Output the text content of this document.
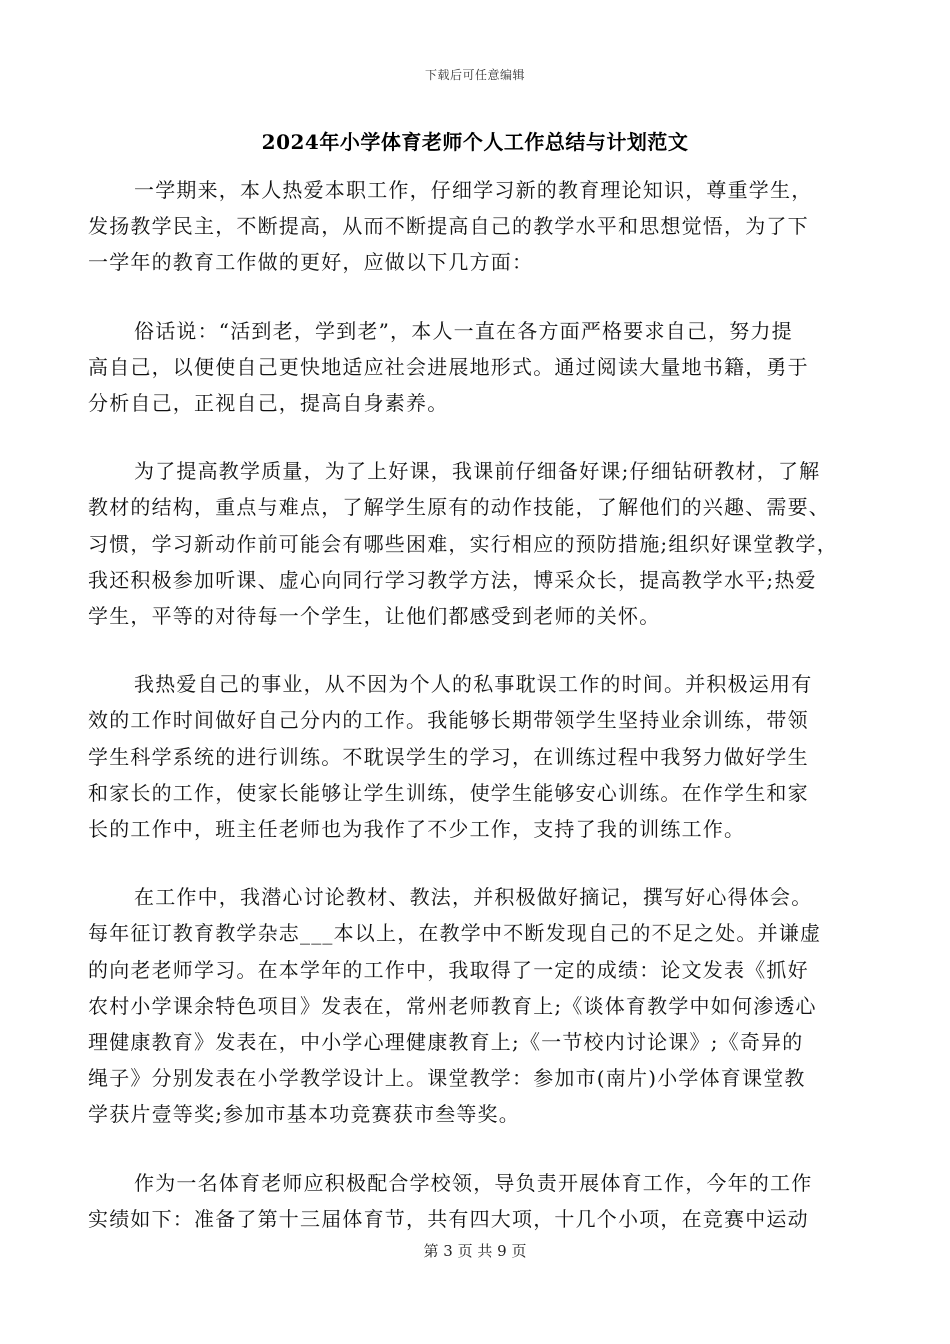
下载后可任意编辑
2024年小学体育老师个人工作总结与计划范文

一学期来，本人热爱本职工作，仔细学习新的教育理论知识，尊重学生，
发扬教学民主，不断提高，从而不断提高自己的教学水平和思想觉悟，为了下
一学年的教育工作做的更好，应做以下几方面：

俗话说：“活到老，学到老”，本人一直在各方面严格要求自己，努力提
高自己，以便使自己更快地适应社会进展地形式。通过阅读大量地书籍，勇于
分析自己，正视自己，提高自身素养。

为了提高教学质量，为了上好课，我课前仔细备好课;仔细钻研教材，了解
教材的结构，重点与难点，了解学生原有的动作技能，了解他们的兴趣、需要、
习惯，学习新动作前可能会有哪些困难，实行相应的预防措施;组织好课堂教学，
我还积极参加听课、虚心向同行学习教学方法，博采众长，提高教学水平;热爱
学生，平等的对待每一个学生，让他们都感受到老师的关怀。

我热爱自己的事业，从不因为个人的私事耽误工作的时间。并积极运用有
效的工作时间做好自己分内的工作。我能够长期带领学生坚持业余训练，带领
学生科学系统的进行训练。不耽误学生的学习，在训练过程中我努力做好学生
和家长的工作，使家长能够让学生训练，使学生能够安心训练。在作学生和家
长的工作中，班主任老师也为我作了不少工作，支持了我的训练工作。

在工作中，我潜心讨论教材、教法，并积极做好摘记，撰写好心得体会。
每年征订教育教学杂志___本以上，在教学中不断发现自己的不足之处。并谦虚
的向老老师学习。在本学年的工作中，我取得了一定的成绩：论文发表《抓好
农村小学课余特色项目》发表在，常州老师教育上;《谈体育教学中如何渗透心
理健康教育》发表在，中小学心理健康教育上;《一节校内讨论课》;《奇异的
绳子》分别发表在小学教学设计上。课堂教学：参加市(南片)小学体育课堂教
学获片壹等奖;参加市基本功竞赛获市叁等奖。

作为一名体育老师应积极配合学校领，导负责开展体育工作，今年的工作
实绩如下：准备了第十三届体育节，共有四大项，十几个小项，在竞赛中运动

第 3 页 共 9 页
